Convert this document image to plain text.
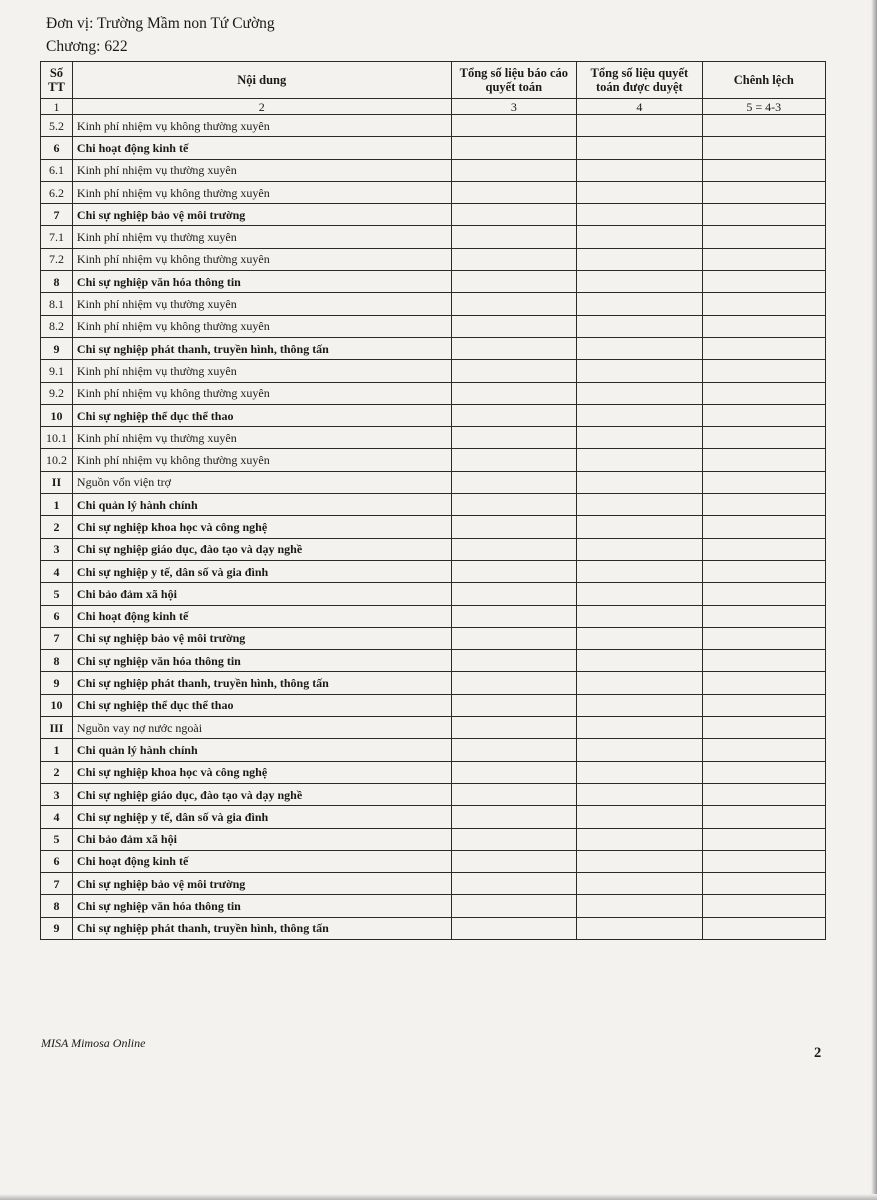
Đơn vị: Trường Mầm non Tứ Cường
Chương: 622
Số TT	Nội dung	Tổng số liệu báo cáo quyết toán	Tổng số liệu quyết toán được duyệt	Chênh lệch
1	2	3	4	5 = 4-3
5.2	Kinh phí nhiệm vụ không thường xuyên			
6	Chi hoạt động kinh tế			
6.1	Kinh phí nhiệm vụ thường xuyên			
6.2	Kinh phí nhiệm vụ không thường xuyên			
7	Chi sự nghiệp bảo vệ môi trường			
7.1	Kinh phí nhiệm vụ thường xuyên			
7.2	Kinh phí nhiệm vụ không thường xuyên			
8	Chi sự nghiệp văn hóa thông tin			
8.1	Kinh phí nhiệm vụ thường xuyên			
8.2	Kinh phí nhiệm vụ không thường xuyên			
9	Chi sự nghiệp phát thanh, truyền hình, thông tấn			
9.1	Kinh phí nhiệm vụ thường xuyên			
9.2	Kinh phí nhiệm vụ không thường xuyên			
10	Chi sự nghiệp thể dục thể thao			
10.1	Kinh phí nhiệm vụ thường xuyên			
10.2	Kinh phí nhiệm vụ không thường xuyên			
II	Nguồn vốn viện trợ			
1	Chi quản lý hành chính			
2	Chi sự nghiệp khoa học và công nghệ			
3	Chi sự nghiệp giáo dục, đào tạo và dạy nghề			
4	Chi sự nghiệp y tế, dân số và gia đình			
5	Chi bảo đảm xã hội			
6	Chi hoạt động kinh tế			
7	Chi sự nghiệp bảo vệ môi trường			
8	Chi sự nghiệp văn hóa thông tin			
9	Chi sự nghiệp phát thanh, truyền hình, thông tấn			
10	Chi sự nghiệp thể dục thể thao			
III	Nguồn vay nợ nước ngoài			
1	Chi quản lý hành chính			
2	Chi sự nghiệp khoa học và công nghệ			
3	Chi sự nghiệp giáo dục, đào tạo và dạy nghề			
4	Chi sự nghiệp y tế, dân số và gia đình			
5	Chi bảo đảm xã hội			
6	Chi hoạt động kinh tế			
7	Chi sự nghiệp bảo vệ môi trường			
8	Chi sự nghiệp văn hóa thông tin			
9	Chi sự nghiệp phát thanh, truyền hình, thông tấn			
MISA Mimosa Online
2
